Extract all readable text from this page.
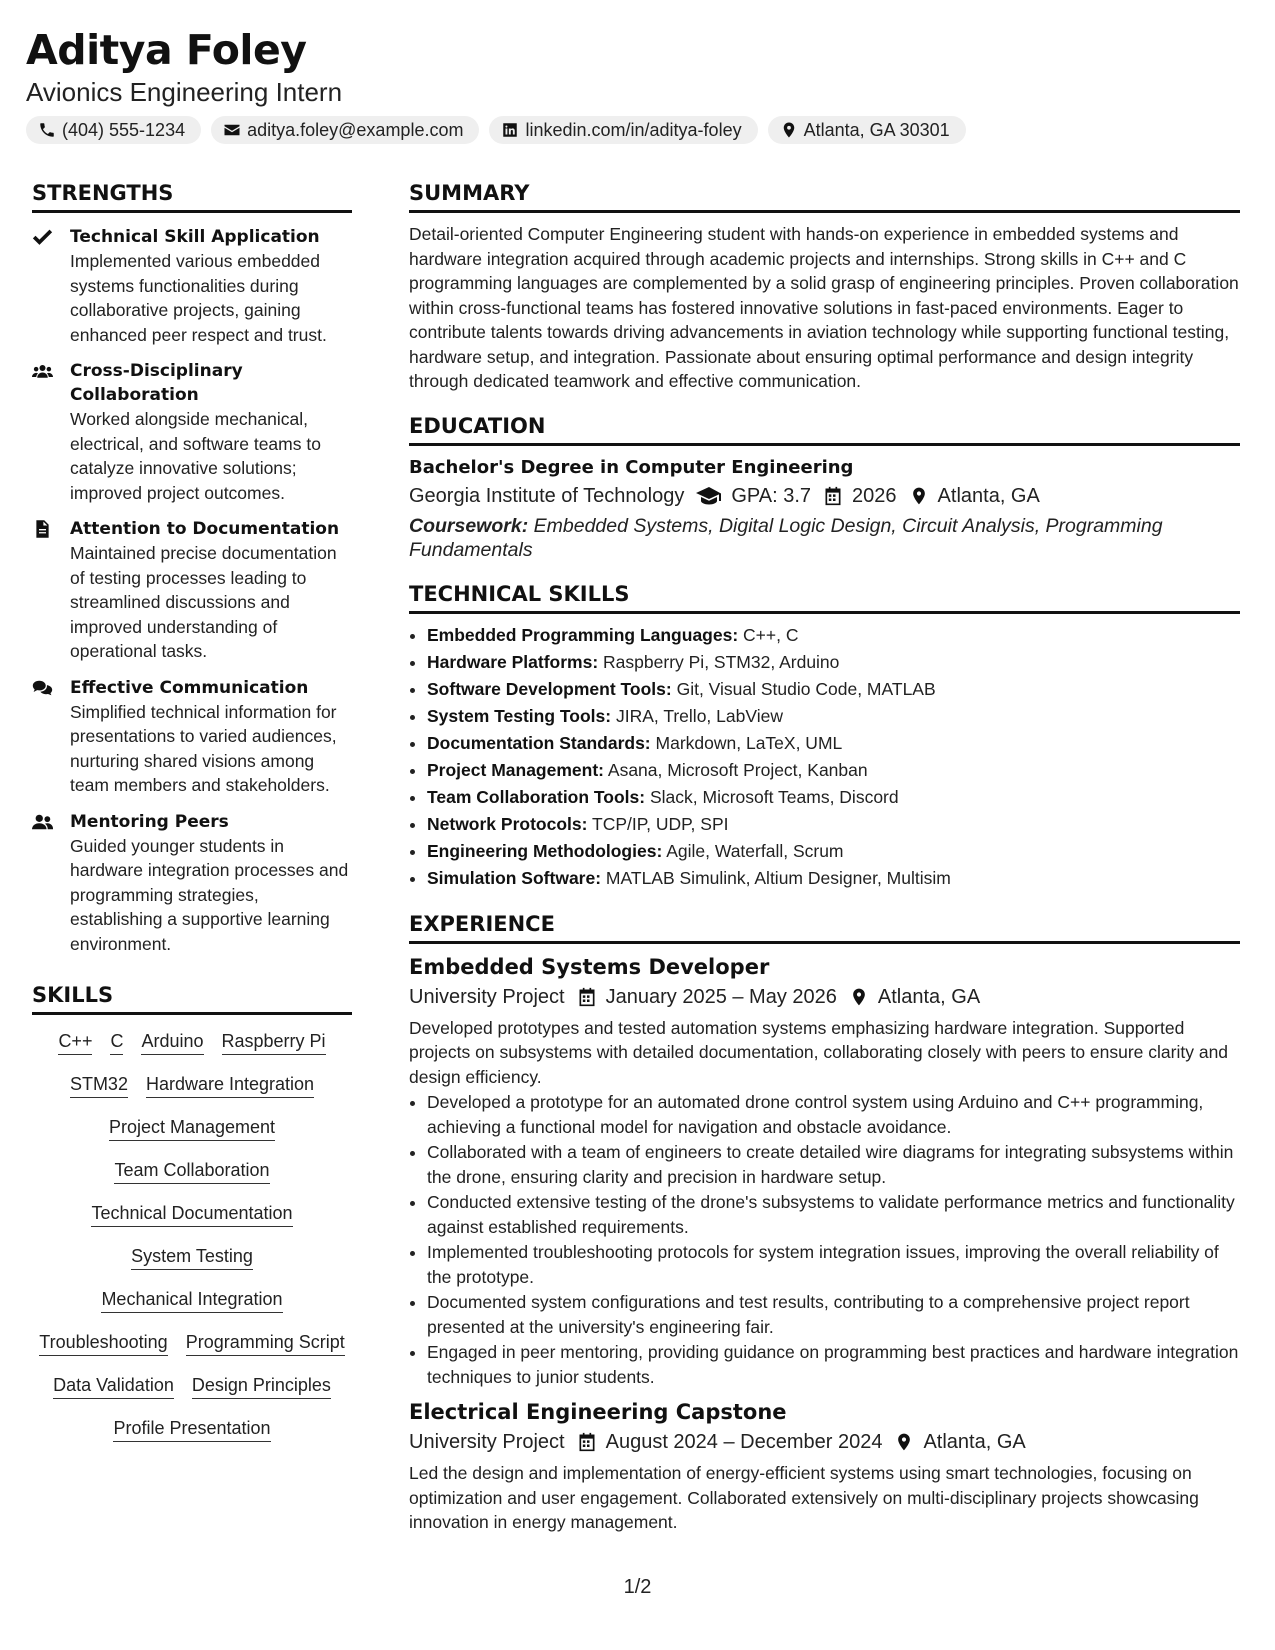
Aditya Foley
Avionics Engineering Intern
(404) 555-1234	aditya.foley@example.com	linkedin.com/in/aditya-foley	Atlanta, GA 30301
STRENGTHS
Technical Skill Application
Implemented various embedded systems functionalities during collaborative projects, gaining enhanced peer respect and trust.
Cross-Disciplinary Collaboration
Worked alongside mechanical, electrical, and software teams to catalyze innovative solutions; improved project outcomes.
Attention to Documentation
Maintained precise documentation of testing processes leading to streamlined discussions and improved understanding of operational tasks.
Effective Communication
Simplified technical information for presentations to varied audiences, nurturing shared visions among team members and stakeholders.
Mentoring Peers
Guided younger students in hardware integration processes and programming strategies, establishing a supportive learning environment.
SKILLS
C++ C Arduino Raspberry Pi
STM32 Hardware Integration
Project Management
Team Collaboration
Technical Documentation
System Testing
Mechanical Integration
Troubleshooting Programming Script
Data Validation Design Principles
Profile Presentation
SUMMARY

Detail-oriented Computer Engineering student with hands-on experience in embedded systems and hardware integration acquired through academic projects and internships. Strong skills in C++ and C programming languages are complemented by a solid grasp of engineering principles. Proven collaboration within cross-functional teams has fostered innovative solutions in fast-paced environments. Eager to contribute talents towards driving advancements in aviation technology while supporting functional testing, hardware setup, and integration. Passionate about ensuring optimal performance and design integrity through dedicated teamwork and effective communication.

EDUCATION
Bachelor's Degree in Computer Engineering
Georgia Institute of Technology GPA: 3.7 2026 Atlanta, GA
Coursework: Embedded Systems, Digital Logic Design, Circuit Analysis, Programming Fundamentals
TECHNICAL SKILLS
• Embedded Programming Languages: C++, C
• Hardware Platforms: Raspberry Pi, STM32, Arduino
• Software Development Tools: Git, Visual Studio Code, MATLAB
• System Testing Tools: JIRA, Trello, LabView
• Documentation Standards: Markdown, LaTeX, UML
• Project Management: Asana, Microsoft Project, Kanban
• Team Collaboration Tools: Slack, Microsoft Teams, Discord
• Network Protocols: TCP/IP, UDP, SPI
• Engineering Methodologies: Agile, Waterfall, Scrum
• Simulation Software: MATLAB Simulink, Altium Designer, Multisim
EXPERIENCE
Embedded Systems Developer
University Project January 2025 – May 2026 Atlanta, GA
Developed prototypes and tested automation systems emphasizing hardware integration. Supported projects on subsystems with detailed documentation, collaborating closely with peers to ensure clarity and design efficiency.
• Developed a prototype for an automated drone control system using Arduino and C++ programming, achieving a functional model for navigation and obstacle avoidance.
• Collaborated with a team of engineers to create detailed wire diagrams for integrating subsystems within the drone, ensuring clarity and precision in hardware setup.
• Conducted extensive testing of the drone's subsystems to validate performance metrics and functionality against established requirements.
• Implemented troubleshooting protocols for system integration issues, improving the overall reliability of the prototype.
• Documented system configurations and test results, contributing to a comprehensive project report presented at the university's engineering fair.
• Engaged in peer mentoring, providing guidance on programming best practices and hardware integration techniques to junior students.
Electrical Engineering Capstone
University Project August 2024 – December 2024 Atlanta, GA
Led the design and implementation of energy-efficient systems using smart technologies, focusing on optimization and user engagement. Collaborated extensively on multi-disciplinary projects showcasing innovation in energy management.
1/2
